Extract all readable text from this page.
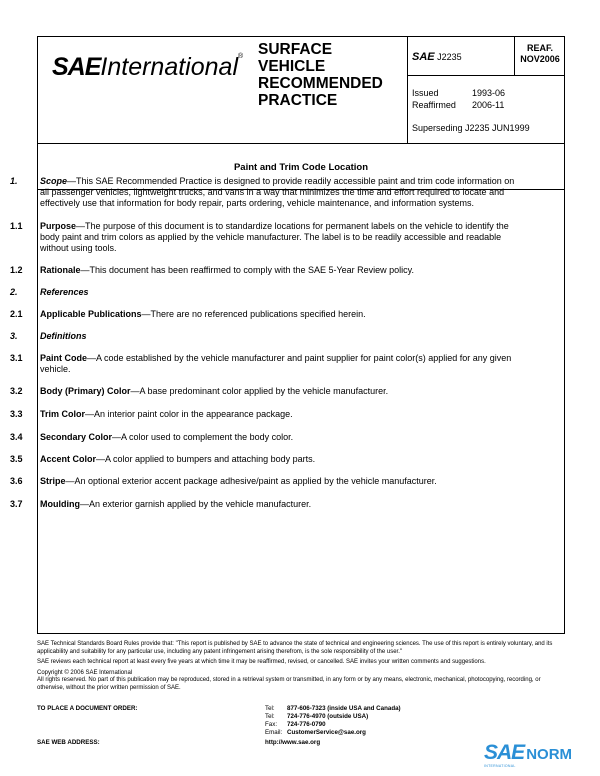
SAEInternational® SURFACE
VEHICLE
RECOMMENDED
PRACTICE
SAE J2235
REAF.
NOV2006
Issued	1993-06
Reaffirmed	2006-11
Superseding J2235 JUN1999
Paint and Trim Code Location
1. Scope—This SAE Recommended Practice is designed to provide readily accessible paint and trim code information on all passenger vehicles, lightweight trucks, and vans in a way that minimizes the time and effort required to locate and effectively use that information for body repair, parts ordering, vehicle maintenance, and information systems.
1.1 Purpose—The purpose of this document is to standardize locations for permanent labels on the vehicle to identify the body paint and trim colors as applied by the vehicle manufacturer. The label is to be readily accessible and readable without using tools.
1.2 Rationale—This document has been reaffirmed to comply with the SAE 5-Year Review policy.
2. References
2.1 Applicable Publications—There are no referenced publications specified herein.
3. Definitions
3.1 Paint Code—A code established by the vehicle manufacturer and paint supplier for paint color(s) applied for any given vehicle.
3.2 Body (Primary) Color—A base predominant color applied by the vehicle manufacturer.
3.3 Trim Color—An interior paint color in the appearance package.
3.4 Secondary Color—A color used to complement the body color.
3.5 Accent Color—A color applied to bumpers and attaching body parts.
3.6 Stripe—An optional exterior accent package adhesive/paint as applied by the vehicle manufacturer.
3.7 Moulding—An exterior garnish applied by the vehicle manufacturer.

SAE Technical Standards Board Rules provide that: "This report is published by SAE to advance the state of technical and engineering sciences. The use of this report is entirely voluntary, and its applicability and suitability for any particular use, including any patent infringement arising therefrom, is the sole responsibility of the user."

SAE reviews each technical report at least every five years at which time it may be reaffirmed, revised, or cancelled. SAE invites your written comments and suggestions.

Copyright © 2006 SAE International

All rights reserved. No part of this publication may be reproduced, stored in a retrieval system or transmitted, in any form or by any means, electronic, mechanical, photocopying, recording, or otherwise, without the prior written permission of SAE.

TO PLACE A DOCUMENT ORDER:	Tel: 877-606-7323 (inside USA and Canada)
Tel: 724-776-4970 (outside USA)
Fax: 724-776-0790
Email: CustomerService@sae.org
SAE WEB ADDRESS:	http://www.sae.org	SAE NORM
INTERNATIONAL
